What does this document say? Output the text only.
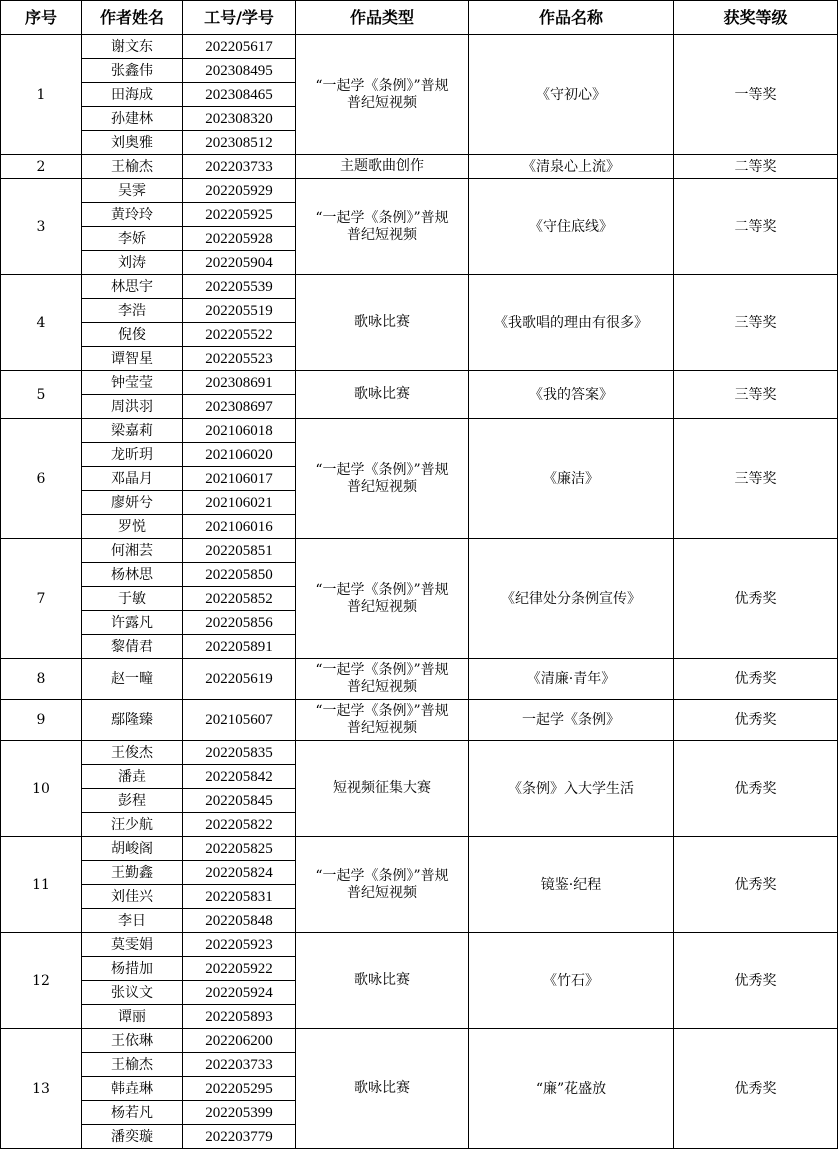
序号	作者姓名	工号/学号	作品类型	作品名称	获奖等级
1	谢文东	202205617	“一起学《条例》”普规普纪短视频	《守初心》	一等奖
	张鑫伟	202308495			
	田海成	202308465			
	孙建林	202308320			
	刘奥雅	202308512			
2	王榆杰	202203733	主题歌曲创作	《清泉心上流》	二等奖
3	吴霁	202205929	“一起学《条例》”普规普纪短视频	《守住底线》	二等奖
	黄玲玲	202205925			
	李娇	202205928			
	刘涛	202205904			
4	林思宇	202205539	歌咏比赛	《我歌唱的理由有很多》	三等奖
	李浩	202205519			
	倪俊	202205522			
	谭智星	202205523			
5	钟莹莹	202308691	歌咏比赛	《我的答案》	三等奖
	周洪羽	202308697			
6	梁嘉莉	202106018	“一起学《条例》”普规普纪短视频	《廉洁》	三等奖
	龙昕玥	202106020			
	邓晶月	202106017			
	廖妍兮	202106021			
	罗悦	202106016			
7	何湘芸	202205851	“一起学《条例》”普规普纪短视频	《纪律处分条例宣传》	优秀奖
	杨林思	202205850			
	于敏	202205852			
	许露凡	202205856			
	黎倩君	202205891			
8	赵一疃	202205619	“一起学《条例》”普规普纪短视频	《清廉·青年》	优秀奖
9	鄢隆臻	202105607	“一起学《条例》”普规普纪短视频	一起学《条例》	优秀奖
10	王俊杰	202205835	短视频征集大赛	《条例》入大学生活	优秀奖
	潘垚	202205842			
	彭程	202205845			
	汪少航	202205822			
11	胡峻阁	202205825	“一起学《条例》”普规普纪短视频	镜鉴·纪程	优秀奖
	王勤鑫	202205824			
	刘佳兴	202205831			
	李日	202205848			
12	莫雯娟	202205923	歌咏比赛	《竹石》	优秀奖
	杨措加	202205922			
	张议文	202205924			
	谭丽	202205893			
13	王依琳	202206200	歌咏比赛	“廉”花盛放	优秀奖
	王榆杰	202203733			
	韩垚琳	202205295			
	杨若凡	202205399			
	潘奕璇	202203779			
